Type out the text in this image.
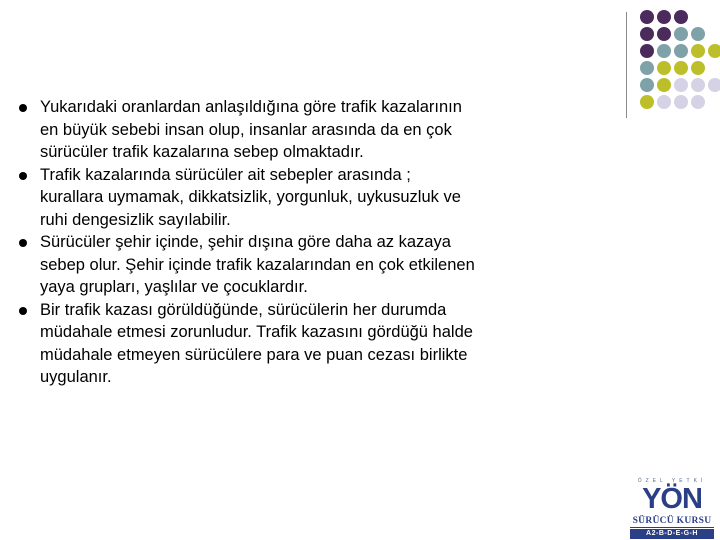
Yukarıdaki oranlardan anlaşıldığına göre trafik kazalarının
en büyük sebebi insan olup, insanlar arasında da en çok
sürücüler trafik kazalarına sebep olmaktadır.
Trafik kazalarında sürücüler ait sebepler arasında ;
kurallara uymamak, dikkatsizlik, yorgunluk, uykusuzluk ve
ruhi dengesizlik sayılabilir.
Sürücüler şehir içinde, şehir dışına göre daha az kazaya
sebep olur. Şehir içinde trafik kazalarından en çok etkilenen
yaya grupları, yaşlılar ve çocuklardır.
Bir trafik kazası görüldüğünde, sürücülerin her durumda
müdahale etmesi zorunludur. Trafik kazasını gördüğü halde
müdahale etmeyen sürücülere para ve puan cezası birlikte
uygulanır.
ÖZEL YETKİ
YÖN
SÜRÜCÜ KURSU
A2-B-D-E-G-H
